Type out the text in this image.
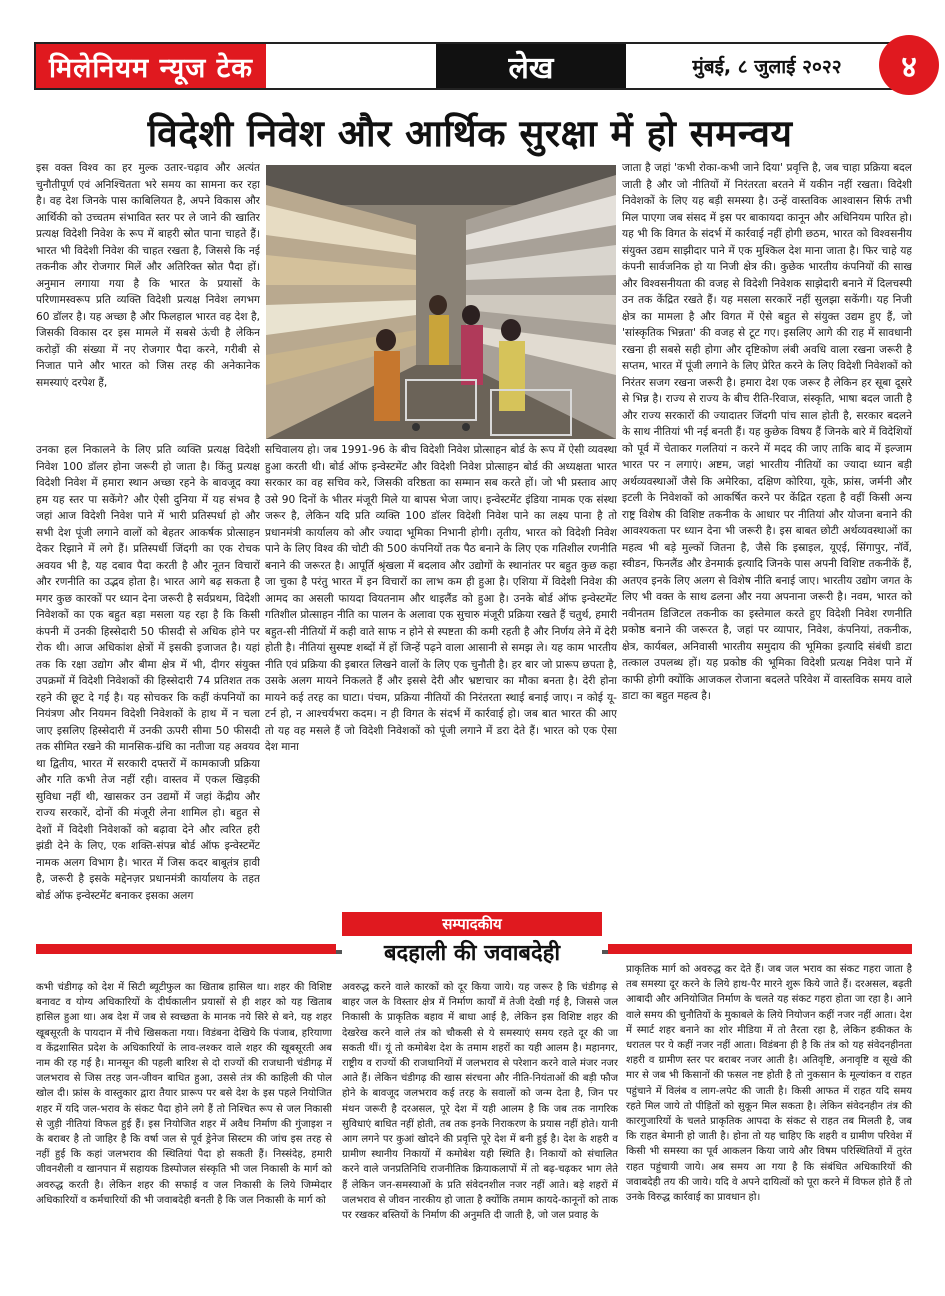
मिलेनियम न्यूज टेक	लेख	मुंबई, ८ जुलाई २०२२	४
विदेशी निवेश और आर्थिक सुरक्षा में हो समन्वय

इस वक्त विश्व का हर मुल्क उतार-चढ़ाव और अत्यंत चुनौतीपूर्ण एवं अनिश्चितता भरे समय का सामना कर रहा है। वह देश जिनके पास काबिलियत है, अपने विकास और आर्थिकी को उच्चतम संभावित स्तर पर ले जाने की खातिर प्रत्यक्ष विदेशी निवेश के रूप में बाहरी स्रोत पाना चाहते हैं। भारत भी विदेशी निवेश की चाहत रखता है, जिससे कि नई तकनीक और रोजगार मिलें और अतिरिक्त स्रोत पैदा हों। अनुमान लगाया गया है कि भारत के प्रयासों के परिणामस्वरूप प्रति व्यक्ति विदेशी प्रत्यक्ष निवेश लगभग 60 डॉलर है। यह अच्छा है और फिलहाल भारत वह देश है, जिसकी विकास दर इस मामले में सबसे ऊंची है लेकिन करोड़ों की संख्या में नए रोजगार पैदा करने, गरीबी से निजात पाने और भारत को जिस तरह की अनेकानेक समस्याएं दरपेश हैं,

सचिवालय हो। जब 1991-96 के बीच विदेशी निवेश प्रोत्साहन बोर्ड के रूप में ऐसी व्यवस्था हुआ करती थी। बोर्ड ऑफ इन्वेस्टमेंट और विदेशी निवेश प्रोत्साहन बोर्ड की अध्यक्षता भारत सरकार का वह सचिव करे, जिसकी वरिष्ठता का सम्मान सब करते हों। जो भी प्रस्ताव आए उसे 90 दिनों के भीतर मंजूरी मिले या बापस भेजा जाए। इन्वेस्टमेंट इंडिया नामक एक संस्था जरूर है, लेकिन यदि प्रति व्यक्ति 100 डॉलर विदेशी निवेश पाने का लक्ष्य पाना है तो प्रधानमंत्री कार्यालय को और ज्यादा भूमिका निभानी होगी। तृतीय, भारत को विदेशी निवेश पाने के लिए विश्व की चोटी की 500 कंपनियों तक पैठ बनाने के लिए एक गतिशील रणनीति बनाने की जरूरत है। आपूर्ति श्रृंखला में बदलाव और उद्योगों के स्थानांतर पर बहुत कुछ कहा जा चुका है परंतु भारत में इन विचारों का लाभ कम ही हुआ है। एशिया में विदेशी निवेश की आमद का असली फायदा वियतनाम और थाइलैंड को हुआ है। उनके बोर्ड ऑफ इन्वेस्टमेंट गतिशील प्रोत्साहन नीति का पालन के अलावा एक सुचारु मंजूरी प्रक्रिया रखते हैं चतुर्थ, हमारी बहुत-सी नीतियों में कही वाते साफ न होने से स्पष्टता की कमी रहती है और निर्णय लेने में देरी होती है। नीतियां सुस्पष्ट शब्दों में हों जिन्हें पढ़ने वाला आसानी से समझ ले। यह काम भारतीय नीति एवं प्रक्रिया की इबारत लिखने वालों के लिए एक चुनौती है। हर बार जो प्रारूप छपता है, उसके अलग मायने निकलते हैं और इससे देरी और भ्रष्टाचार का मौका बनता है। देरी होना मायने कई तरह का घाटा। पंचम, प्रक्रिया नीतियों की निरंतरता स्थाई बनाई जाए। न कोई यू-टर्न हो, न आश्चर्यभरा कदम। न ही विगत के संदर्भ में कार्रवाई हो। जब बात भारत की आए तो यह वह मसले हैं जो विदेशी निवेशकों को पूंजी लगाने में डरा देते हैं। भारत को एक ऐसा देश माना

जाता है जहां 'कभी रोका-कभी जाने दिया' प्रवृत्ति है, जब चाहा प्रक्रिया बदल जाती है और जो नीतियों में निरंतरता बरतने में यकीन नहीं रखता। विदेशी निवेशकों के लिए यह बड़ी समस्या है। उन्हें वास्तविक आश्वासन सिर्फ तभी मिल पाएगा जब संसद में इस पर बाकायदा कानून और अधिनियम पारित हो। यह भी कि विगत के संदर्भ में कार्रवाई नहीं होगी छठम, भारत को विश्वसनीय संयुक्त उद्यम साझीदार पाने में एक मुश्किल देश माना जाता है। फिर चाहे यह कंपनी सार्वजनिक हो या निजी क्षेत्र की। कुछेक भारतीय कंपनियों की साख और विश्वसनीयता की वजह से विदेशी निवेशक साझेदारी बनाने में दिलचस्पी उन तक केंद्रित रखते हैं। यह मसला सरकारें नहीं सुलझा सकेंगी। यह निजी क्षेत्र का मामला है और विगत में ऐसे बहुत से संयुक्त उद्यम हुए हैं, जो 'सांस्कृतिक भिन्नता' की वजह से टूट गए। इसलिए आगे की राह में सावधानी रखना ही सबसे सही होगा और दृष्टिकोण लंबी अवधि वाला रखना जरूरी है सप्तम, भारत में पूंजी लगाने के लिए प्रेरित करने के लिए विदेशी निवेशकों को निरंतर सजग रखना जरूरी है। हमारा देश एक जरूर है लेकिन हर सूबा दूसरे से भिन्न है। राज्य से राज्य के बीच रीति-रिवाज, संस्कृति, भाषा बदल जाती है और राज्य सरकारों की ज्यादातर जिंदगी पांच साल होती है, सरकार बदलने के साथ नीतियां भी नई बनती हैं। यह कुछेक विषय हैं जिनके बारे में विदेशियों को पूर्व में चेताकर गलतियां न करने में मदद की जाए ताकि बाद में इल्जाम भारत पर न लगाएं। अष्टम, जहां भारतीय नीतियों का ज्यादा ध्यान बड़ी अर्थव्यवस्थाओं जैसे कि अमेरिका, दक्षिण कोरिया, यूके, फ्रांस, जर्मनी और इटली के निवेशकों को आकर्षित करने पर केंद्रित रहता है वहीं किसी अन्य राष्ट्र विशेष की विशिष्ट तकनीक के आधार पर नीतियां और योजना बनाने की आवश्यकता पर ध्यान देना भी जरूरी है। इस बाबत छोटी अर्थव्यवस्थाओं का महत्व भी बड़े मुल्कों जितना है, जैसे कि इस्राइल, यूएई, सिंगापुर, नॉर्वे, स्वीडन, फिनलैंड और डेनमार्क इत्यादि जिनके पास अपनी विशिष्ट तकनीकें हैं, अतएव इनके लिए अलग से विशेष नीति बनाई जाए। भारतीय उद्योग जगत के लिए भी वक्त के साथ ढलना और नया अपनाना जरूरी है। नवम, भारत को नवीनतम डिजिटल तकनीक का इस्तेमाल करते हुए विदेशी निवेश रणनीति प्रकोष्ठ बनाने की जरूरत है, जहां पर व्यापार, निवेश, कंपनियां, तकनीक, क्षेत्र, कार्यबल, अनिवासी भारतीय समुदाय की भूमिका इत्यादि संबंधी डाटा तत्काल उपलब्ध हों। यह प्रकोष्ठ की भूमिका विदेशी प्रत्यक्ष निवेश पाने में काफी होगी क्योंकि आजकल रोजाना बदलते परिवेश में वास्तविक समय वाले डाटा का बहुत महत्व है।

उनका हल निकालने के लिए प्रति व्यक्ति प्रत्यक्ष विदेशी निवेश 100 डॉलर होना जरूरी हो जाता है। किंतु प्रत्यक्ष विदेशी निवेश में हमारा स्थान अच्छा रहने के बावजूद क्या हम यह स्तर पा सकेंगे? और ऐसी दुनिया में यह संभव है जहां आज विदेशी निवेश पाने में भारी प्रतिस्पर्धा हो और सभी देश पूंजी लगाने वालों को बेहतर आकर्षक प्रोत्साहन देकर रिझाने में लगे हैं। प्रतिस्पर्धी जिंदगी का एक रोचक अवयव भी है, यह दबाव पैदा करती है और नूतन विचारों और रणनीति का उद्भव होता है। भारत आगे बढ़ सकता है मगर कुछ कारकों पर ध्यान देना जरूरी है सर्वप्रथम, विदेशी निवेशकों का एक बहुत बड़ा मसला यह रहा है कि किसी कंपनी में उनकी हिस्सेदारी 50 फीसदी से अधिक होने पर रोक थी। आज अधिकांश क्षेत्रों में इसकी इजाजत है। यहां तक कि रक्षा उद्योग और बीमा क्षेत्र में भी, दीगर संयुक्त उपक्रमों में विदेशी निवेशकों की हिस्सेदारी 74 प्रतिशत तक रहने की छूट दे गई है। यह सोचकर कि कहीं कंपनियों का नियंत्रण और नियमन विदेशी निवेशकों के हाथ में न चला जाए इसलिए हिस्सेदारी में उनकी ऊपरी सीमा 50 फीसदी तक सीमित रखने की मानसिक-ग्रंथि का नतीजा यह अवयव था द्वितीय, भारत में सरकारी दफ्तरों में कामकाजी प्रक्रिया और गति कभी तेज नहीं रही। वास्तव में एकल खिड़की सुविधा नहीं थी, खासकर उन उद्यमों में जहां केंद्रीय और राज्य सरकारें, दोनों की मंजूरी लेना शामिल हो। बहुत से देशों में विदेशी निवेशकों को बढ़ावा देने और त्वरित हरी झंडी देने के लिए, एक शक्ति-संपन्न बोर्ड ऑफ इन्वेस्टमेंट नामक अलग विभाग है। भारत में जिस कदर बाबूतंत्र हावी है, जरूरी है इसके मद्देनज़र प्रधानमंत्री कार्यालय के तहत बोर्ड ऑफ इन्वेस्टमेंट बनाकर इसका अलग

सम्पादकीय
बदहाली की जवाबदेही

कभी चंडीगढ़ को देश में सिटी ब्यूटीफुल का खिताब हासिल था। शहर की विशिष्ट बनावट व योग्य अधिकारियों के दीर्घकालीन प्रयासों से ही शहर को यह खिताब हासिल हुआ था। अब देश में जब से स्वच्छता के मानक नये सिरे से बने, यह शहर खूबसूरती के पायदान में नीचे खिसकता गया। विडंबना देखिये कि पंजाब, हरियाणा व केंद्रशासित प्रदेश के अधिकारियों के लाव-लश्कर वाले शहर की खूबसूरती अब नाम की रह गई है। मानसून की पहली बारिश से दो राज्यों की राजधानी चंडीगढ़ में जलभराव से जिस तरह जन-जीवन बाधित हुआ, उससे तंत्र की काहिली की पोल खोल दी। फ्रांस के वास्तुकार द्वारा तैयार प्रारूप पर बसे देश के इस पहले नियोजित शहर में यदि जल-भराव के संकट पैदा होने लगे हैं तो निश्चित रूप से जल निकासी से जुड़ी नीतियां विफल हुई हैं। इस नियोजित शहर में अवैध निर्माण की गुंजाइश न के बराबर है तो जाहिर है कि वर्षा जल से पूर्व ड्रेनेज सिस्टम की जांच इस तरह से नहीं हुई कि कहां जलभराव की स्थितियां पैदा हो सकती हैं। निस्संदेह, हमारी जीवनशैली व खानपान में सहायक डिस्पोजल संस्कृति भी जल निकासी के मार्ग को अवरुद्ध करती है। लेकिन शहर की सफाई व जल निकासी के लिये जिम्मेदार अधिकारियों व कर्मचारियों की भी जवाबदेही बनती है कि जल निकासी के मार्ग को

अवरुद्ध करने वाले कारकों को दूर किया जाये। यह जरूर है कि चंडीगढ़ से बाहर जल के विस्तार क्षेत्र में निर्माण कार्यों में तेजी देखी गई है, जिससे जल निकासी के प्राकृतिक बहाव में बाधा आई है, लेकिन इस विशिष्ट शहर की देखरेख करने वाले तंत्र को चौकसी से ये समस्याएं समय रहते दूर की जा सकती थीं। यूं तो कमोबेश देश के तमाम शहरों का यही आलम है। महानगर, राष्ट्रीय व राज्यों की राजधानियों में जलभराव से परेशान करने वाले मंजर नजर आते हैं। लेकिन चंडीगढ़ की खास संरचना और नीति-नियंताओं की बड़ी फौज होने के बावजूद जलभराव कई तरह के सवालों को जन्म देता है, जिन पर मंथन जरूरी है दरअसल, पूरे देश में यही आलम है कि जब तक नागरिक सुविधाएं बाधित नहीं होती, तब तक इनके निराकरण के प्रयास नहीं होते। यानी आग लगने पर कुआं खोदने की प्रवृत्ति पूरे देश में बनी हुई है। देश के शहरी व ग्रामीण स्थानीय निकायों में कमोबेश यही स्थिति है। निकायों को संचालित करने वाले जनप्रतिनिधि राजनीतिक क्रियाकलापों में तो बढ़-चढ़कर भाग लेते हैं लेकिन जन-समस्याओं के प्रति संवेदनशील नजर नहीं आते। बड़े शहरों में जलभराव से जीवन नारकीय हो जाता है क्योंकि तमाम कायदे-कानूनों को ताक पर रखकर बस्तियों के निर्माण की अनुमति दी जाती है, जो जल प्रवाह के

प्राकृतिक मार्ग को अवरुद्ध कर देते हैं। जब जल भराव का संकट गहरा जाता है तब समस्या दूर करने के लिये हाथ-पैर मारने शुरू किये जाते हैं। दरअसल, बढ़ती आबादी और अनियोजित निर्माण के चलते यह संकट गहरा होता जा रहा है। आने वाले समय की चुनौतियों के मुकाबले के लिये नियोजन कहीं नजर नहीं आता। देश में स्मार्ट शहर बनाने का शोर मीडिया में तो तैरता रहा है, लेकिन हकीकत के धरातल पर ये कहीं नजर नहीं आता। विडंबना ही है कि तंत्र को यह संवेदनहीनता शहरी व ग्रामीण स्तर पर बराबर नजर आती है। अतिवृष्टि, अनावृष्टि व सूखे की मार से जब भी किसानों की फसल नष्ट होती है तो नुकसान के मूल्यांकन व राहत पहुंचाने में विलंब व लाग-लपेट की जाती है। किसी आफत में राहत यदि समय रहते मिल जाये तो पीड़ितों को सुकून मिल सकता है। लेकिन संवेदनहीन तंत्र की कारगुजारियों के चलते प्राकृतिक आपदा के संकट से राहत तब मिलती है, जब कि राहत बेमानी हो जाती है। होना तो यह चाहिए कि शहरी व ग्रामीण परिवेश में किसी भी समस्या का पूर्व आकलन किया जाये और विषम परिस्थितियों में तुरंत राहत पहुंचायी जाये। अब समय आ गया है कि संबंधित अधिकारियों की जवाबदेही तय की जाये। यदि वे अपने दायित्वों को पूरा करने में विफल होते हैं तो उनके विरुद्ध कार्रवाई का प्रावधान हो।
